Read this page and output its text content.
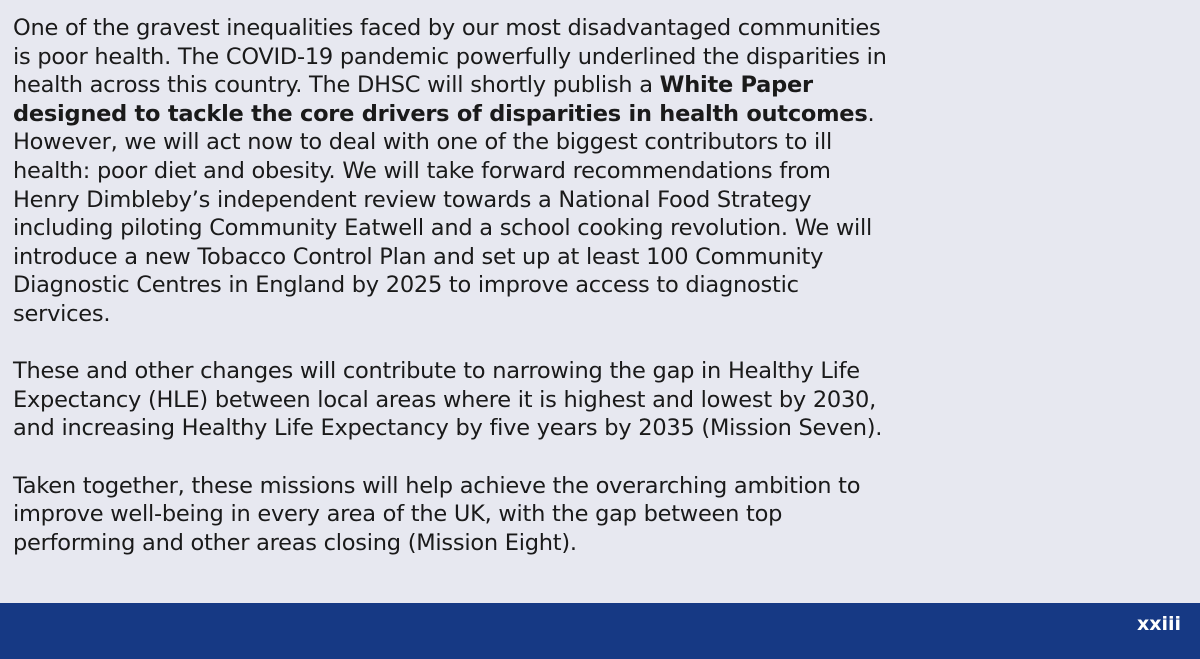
One of the gravest inequalities faced by our most disadvantaged communities is poor health. The COVID-19 pandemic powerfully underlined the disparities in health across this country. The DHSC will shortly publish a White Paper designed to tackle the core drivers of disparities in health outcomes. However, we will act now to deal with one of the biggest contributors to ill health: poor diet and obesity. We will take forward recommendations from Henry Dimbleby’s independent review towards a National Food Strategy including piloting Community Eatwell and a school cooking revolution. We will introduce a new Tobacco Control Plan and set up at least 100 Community Diagnostic Centres in England by 2025 to improve access to diagnostic services.

These and other changes will contribute to narrowing the gap in Healthy Life Expectancy (HLE) between local areas where it is highest and lowest by 2030, and increasing Healthy Life Expectancy by five years by 2035 (Mission Seven).

Taken together, these missions will help achieve the overarching ambition to improve well-being in every area of the UK, with the gap between top performing and other areas closing (Mission Eight).

xxiii
